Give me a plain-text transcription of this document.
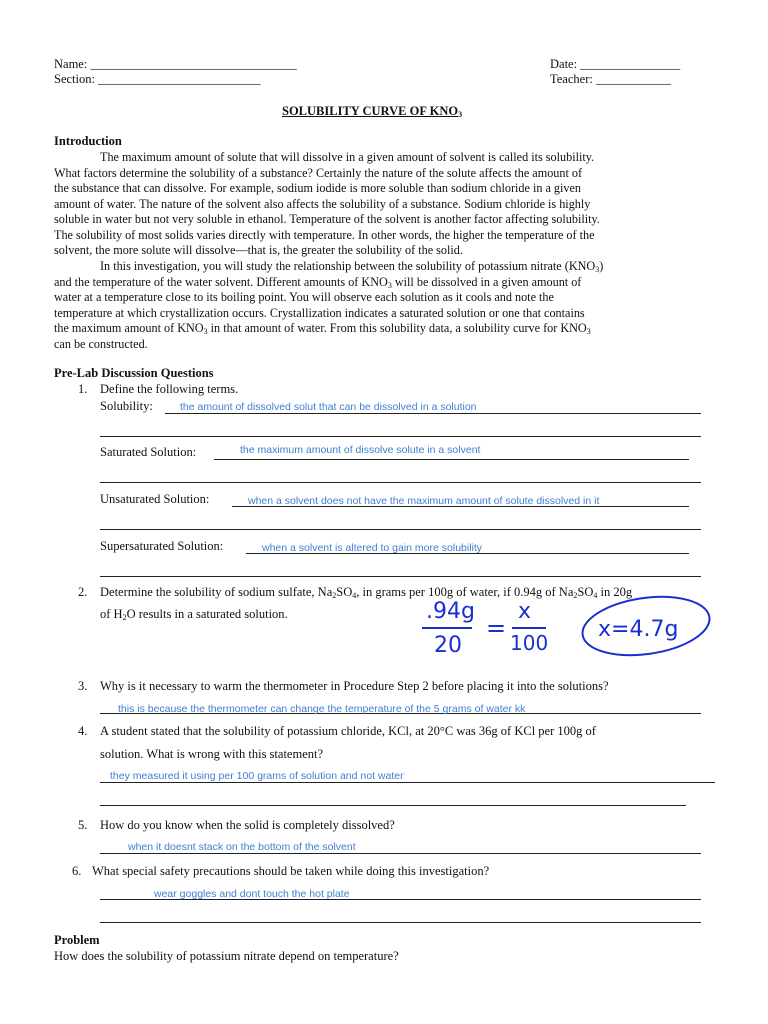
Name: _________________________________
Section: __________________________
Date: ________________
Teacher: ____________
SOLUBILITY CURVE OF $KNO_3$
Introduction

The maximum amount of solute that will dissolve in a given amount of solvent is called its solubility.

What factors determine the solubility of a substance? Certainly the nature of the solute affects the amount of

the substance that can dissolve. For example, sodium iodide is more soluble than sodium chloride in a given

amount of water. The nature of the solvent also affects the solubility of a substance. Sodium chloride is highly

soluble in water but not very soluble in ethanol. Temperature of the solvent is another factor affecting solubility.

The solubility of most solids varies directly with temperature. In other words, the higher the temperature of the

solvent, the more solute will dissolve—that is, the greater the solubility of the solid.

In this investigation, you will study the relationship between the solubility of potassium nitrate $(KNO_3)$

and the temperature of the water solvent. Different amounts of $KNO_3$ will be dissolved in a given amount of

water at a temperature close to its boiling point. You will observe each solution as it cools and note the

temperature at which crystallization occurs. Crystallization indicates a saturated solution or one that contains

the maximum amount of $KNO_3$ in that amount of water. From this solubility data, a solubility curve for $KNO_3$

can be constructed.

Pre-Lab Discussion Questions
1. Define the following terms.
Solubility:	the amount of dissolved solut that can be dissolved in a solution
Saturated Solution:	the maximum amount of dissolve solute in a solvent
Unsaturated Solution:	when a solvent does not have the maximum amount of solute dissolved in it
Supersaturated Solution:	when a solvent is altered to gain more solubility
2. Determine the solubility of sodium sulfate, $Na_2SO_4$, in grams per 100g of water, if 0.94g of $Na_2SO_4$ in 20g
of $H_2O$ results in a saturated solution.	.94g
20
=
x
100
x=4.7g
3. Why is it necessary to warm the thermometer in Procedure Step 2 before placing it into the solutions?
this is because the thermometer can change the temperature of the 5 grams of water kk
4. A student stated that the solubility of potassium chloride, KCl, at 20°C was 36g of KCl per 100g of
solution. What is wrong with this statement?
they measured it using per 100 grams of solution and not water
5. How do you know when the solid is completely dissolved?
when it doesnt stack on the bottom of the solvent
6. What special safety precautions should be taken while doing this investigation?
wear goggles and dont touch the hot plate
Problem
How does the solubility of potassium nitrate depend on temperature?
